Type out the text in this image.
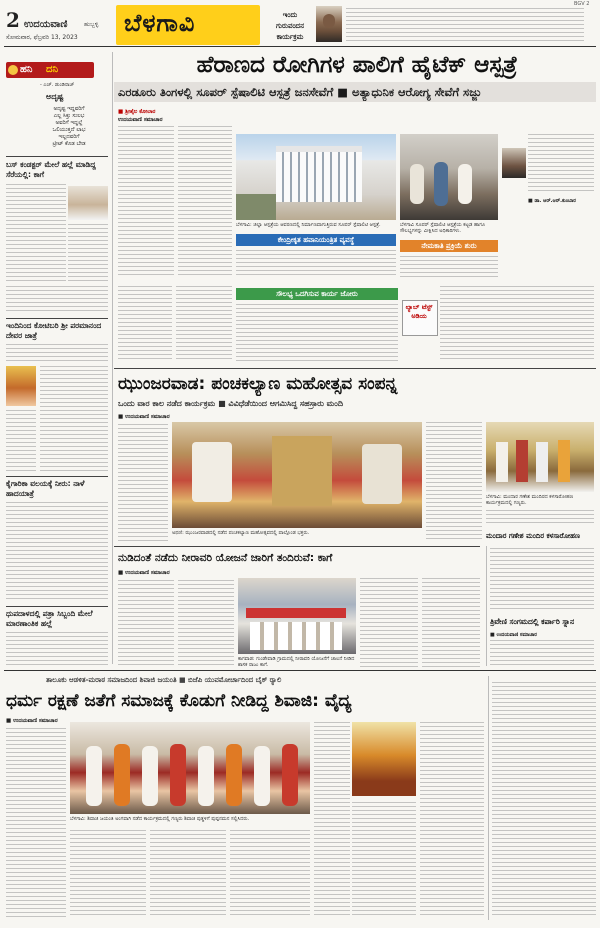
2 ಉದಯವಾಣಿ	ಹುಬ್ಬಳ್ಳಿ
ಸೋಮವಾರ, ಫೆಬ್ರವರಿ 13, 2023
ಬೆಳಗಾವಿ	ಇಂದು ಗುರುವಂದನ ಕಾರ್ಯಕ್ರಮ
BGV 2
ಹನಿ ದನಿ
- ಎಚ್. ಡುಂಡಿರಾಜ್
ಅದೃಷ್ಟ
ಅದೃಷ್ಟ ಇದ್ದವರಿಗೆ
ಎಲ್ಲ ಸಿಕ್ತು ಸುಲಭ
ಅವರಿಗೆ ಇದ್ದಲ್ಲೆ
ಒಲಿಯುತ್ತದೆ ಲಾಭ
ಇಲ್ಲದವರಿಗೆ
ಟ್ರೀಟ್ ಕೊಡ ಬೇಡ
ಬಸ್ ಕಂಡಕ್ಟರ್ ಮೇಲೆ ಹಲ್ಲೆ ಮಾಡಿದ್ದ ಸೆರೆಯಲ್ಲಿ: ಕಾಗೆ
ಇಂದಿನಿಂದ ಕೋಟಿಬರಿ ಶ್ರೀ ಪರಮಾನಂದ ದೇವರ ಜಾತ್ರೆ
ಕೈಗಾರಿಕಾ ವಲಯಕ್ಕೆ ನೀರು: ನಾಳೆ ಹಾದಯಾತ್ರೆ
ಧುಪದಾಳದಲ್ಲಿ ಪತ್ರಾ ಸಿಬ್ಬಂದಿ ಮೇಲೆ ಮಾರಣಾಂತಿಕ ಹಲ್ಲೆ
ಹೆರಾಣದ ರೋಗಿಗಳ ಪಾಲಿಗೆ ಹೈಟೆಕ್ ಆಸ್ಪತ್ರೆ
ಎರಡೂರು ತಿಂಗಳಲ್ಲಿ ಸೂಪರ್ ಸ್ಪೆಷಾಲಿಟಿ ಆಸ್ಪತ್ರೆ ಜನಸೇವೆಗೆ ■ ಅತ್ಯಾಧುನಿಕ ಆರೋಗ್ಯ ಸೇವೆಗೆ ಸಜ್ಜು
■ ಶ್ರೀಶೈಲ ಕೋಲಾರ
ಉದಯವಾಣಿ ಸಮಾಚಾರ
ಬೆಳಗಾವಿ: ಜಿಲ್ಲಾ ಆಸ್ಪತ್ರೆಯ ಆವರಣದಲ್ಲಿ ನಿರ್ಮಾಣವಾಗುತ್ತಿರುವ ಸೂಪರ್ ಸ್ಪೆಷಾಲಿಟಿ ಆಸ್ಪತ್ರೆ.
ಕೇಂದ್ರೀಕೃತ ಹವಾನಿಯಂತ್ರಿತ ವ್ಯವಸ್ಥೆ
ಬೆಳಗಾವಿ ಸೂಪರ್ ಸ್ಪೆಷಾಲಿಟಿ ಆಸ್ಪತ್ರೆಯ ಕಟ್ಟಡ ಹಾಗೂ ಸೌಲಭ್ಯಗಳನ್ನು ವೀಕ್ಷಿಸಿದ ಅಧಿಕಾರಿಗಳು.
ನೇಮಕಾತಿ ಪ್ರಕ್ರಿಯೆ ಶುರು
■ ಡಾ. ಆರ್.ಆರ್.ಕುಂಬಾರ
ಸೌಲಭ್ಯ ಒದಗಿಸುವ ಕಾರ್ಯ ಜೋರು
ಲ್ಯಾಬ್ ಟೆಸ್ಟ್ ಅಡಿಯ
ಝುಂಜರವಾಡ: ಪಂಚಕಲ್ಯಾಣ ಮಹೋತ್ಸವ ಸಂಪನ್ನ
ಒಂದು ವಾರ ಕಾಲ ನಡೆದ ಕಾರ್ಯಕ್ರಮ ■ ವಿವಿಧೆಡೆಯಿಂದ ಆಗಮಿಸಿದ್ದ ಸಹಸ್ರಾರು ಮಂದಿ
■ ಉದಯವಾಣಿ ಸಮಾಚಾರ
ಅಥಣಿ: ಝುಂಜರವಾಡದಲ್ಲಿ ನಡೆದ ಪಂಚಕಲ್ಯಾಣ ಮಹೋತ್ಸವದಲ್ಲಿ ಪಾಲ್ಗೊಂಡ ಭಕ್ತರು.
ಬೆಳಗಾವಿ: ಮಂದಾರ ಗಣೇಶ ಮಂದಿರದ ಕಳಸಾರೋಹಣ ಕಾರ್ಯಕ್ರಮದಲ್ಲಿ ಗಣ್ಯರು.
ಮಂದಾರ ಗಣೇಶ ಮಂದಿರ ಕಳಸಾರೋಹಣ
ನುಡಿದಂತೆ ನಡೆದು ನೀರಾವರಿ ಯೋಜನೆ ಜಾರಿಗೆ ತಂದಿರುವೆ: ಕಾಗೆ
■ ಉದಯವಾಣಿ ಸಮಾಚಾರ
ಕಾಗವಾಡ: ಗುಂಡೇವಾಡಿ ಗ್ರಾಮದಲ್ಲಿ ನೀರಾವರಿ ಯೋಜನೆಗೆ ಚಾಲನೆ ನೀಡಿದ ಶಾಸಕ ರಾಜು ಕಾಗೆ.
ತ್ರಿವೇಣಿ ಸಂಗಮದಲ್ಲಿ ಕರ್ಪಾರಿ ಸ್ನಾನ
■ ಉದಯವಾಣಿ ಸಮಾಚಾರ
ತಾಲೂಕು ಆಡಳಿತ-ಮರಾಠ ಸಮಾಜದಿಂದ ಶಿವಾಜಿ ಜಯಂತಿ ■ ಬಿಜೆಪಿ ಯುವಮೋರ್ಚಾದಿಂದ ಬೈಕ್ ರ‍್ಯಾಲಿ
ಧರ್ಮ ರಕ್ಷಣೆ ಜತೆಗೆ ಸಮಾಜಕ್ಕೆ ಕೊಡುಗೆ ನೀಡಿದ್ದ ಶಿವಾಜಿ: ವೈದ್ಯ
■ ಉದಯವಾಣಿ ಸಮಾಚಾರ
ಬೆಳಗಾವಿ: ಶಿವಾಜಿ ಜಯಂತಿ ಅಂಗವಾಗಿ ನಡೆದ ಕಾರ್ಯಕ್ರಮದಲ್ಲಿ ಗಣ್ಯರು ಶಿವಾಜಿ ಪುತ್ಥಳಿಗೆ ಪುಷ್ಪನಮನ ಸಲ್ಲಿಸಿದರು.
